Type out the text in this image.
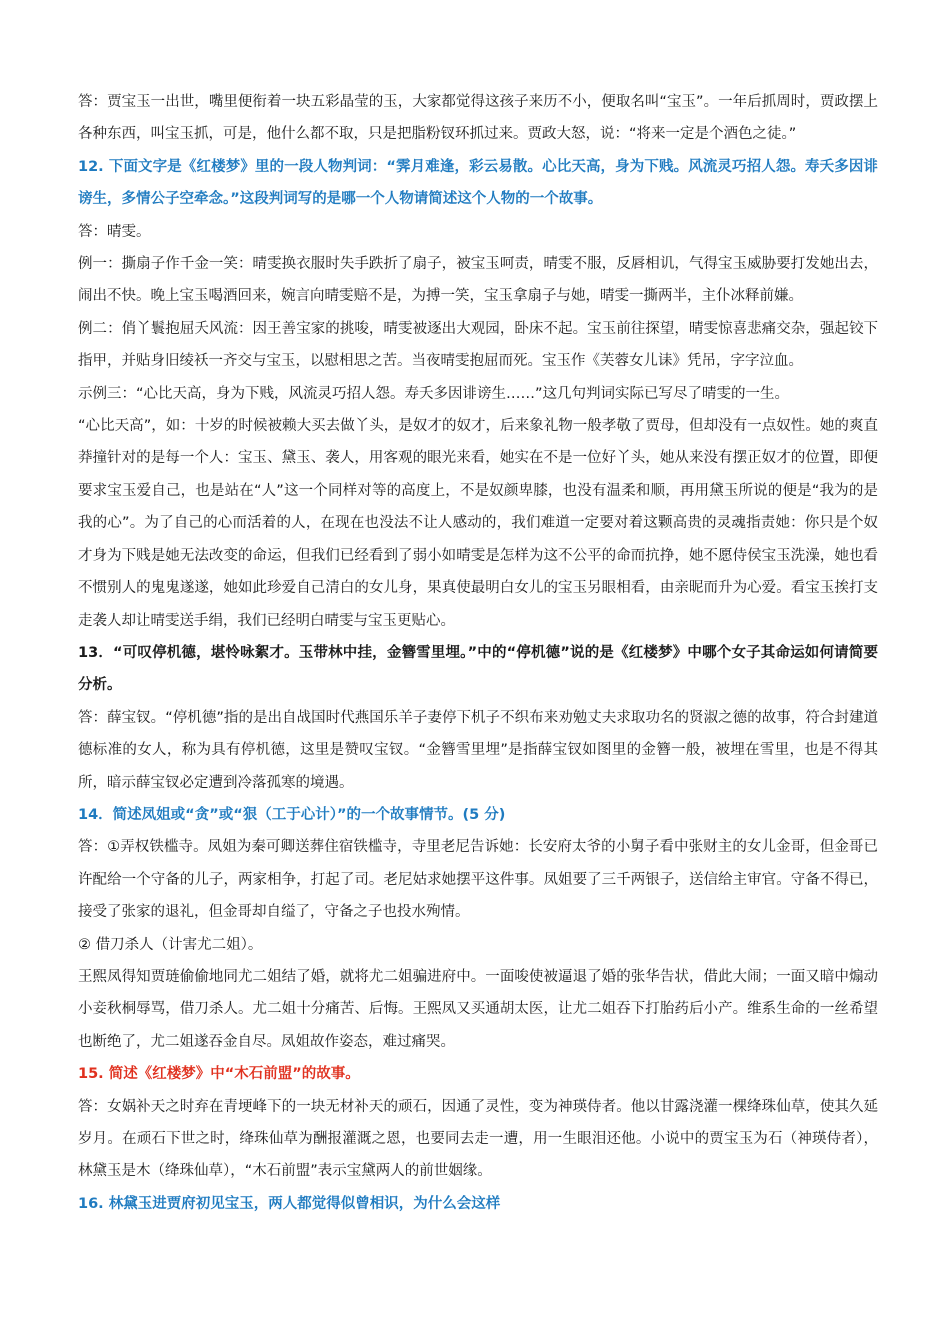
答：贾宝玉一出世，嘴里便衔着一块五彩晶莹的玉，大家都觉得这孩子来历不小，便取名叫“宝玉”。一年后抓周时，贾政摆上各种东西，叫宝玉抓，可是，他什么都不取，只是把脂粉钗环抓过来。贾政大怒，说：“将来一定是个酒色之徒。”

12. 下面文字是《红楼梦》里的一段人物判词：“霁月难逢，彩云易散。心比天高，身为下贱。风流灵巧招人怨。寿夭多因诽谤生，多情公子空牵念。”这段判词写的是哪一个人物请简述这个人物的一个故事。

答：晴雯。

例一：撕扇子作千金一笑：晴雯换衣服时失手跌折了扇子，被宝玉呵责，晴雯不服，反唇相讥，气得宝玉威胁要打发她出去，闹出不快。晚上宝玉喝酒回来，婉言向晴雯赔不是，为搏一笑，宝玉拿扇子与她，晴雯一撕两半，主仆冰释前嫌。

例二：俏丫鬟抱屈夭风流：因王善宝家的挑唆，晴雯被逐出大观园，卧床不起。宝玉前往探望，晴雯惊喜悲痛交杂，强起铰下指甲，并贴身旧绫袄一齐交与宝玉，以慰相思之苦。当夜晴雯抱屈而死。宝玉作《芙蓉女儿诔》凭吊，字字泣血。

示例三：“心比天高，身为下贱，风流灵巧招人怨。寿夭多因诽谤生……”这几句判词实际已写尽了晴雯的一生。

“心比天高”，如：十岁的时候被赖大买去做丫头，是奴才的奴才，后来象礼物一般孝敬了贾母，但却没有一点奴性。她的爽直莽撞针对的是每一个人：宝玉、黛玉、袭人，用客观的眼光来看，她实在不是一位好丫头，她从来没有摆正奴才的位置，即便要求宝玉爱自己，也是站在“人”这一个同样对等的高度上，不是奴颜卑膝，也没有温柔和顺，再用黛玉所说的便是“我为的是我的心”。为了自己的心而活着的人，在现在也没法不让人感动的，我们难道一定要对着这颗高贵的灵魂指责她：你只是个奴才身为下贱是她无法改变的命运，但我们已经看到了弱小如晴雯是怎样为这不公平的命而抗挣，她不愿侍侯宝玉洗澡，她也看不惯别人的鬼鬼遂遂，她如此珍爱自己清白的女儿身，果真使最明白女儿的宝玉另眼相看，由亲昵而升为心爱。看宝玉挨打支走袭人却让晴雯送手绢，我们已经明白晴雯与宝玉更贴心。

13．“可叹停机德，堪怜咏絮才。玉带林中挂，金簪雪里埋。”中的“停机德”说的是《红楼梦》中哪个女子其命运如何请简要分析。

答：薛宝钗。“停机德”指的是出自战国时代燕国乐羊子妻停下机子不织布来劝勉丈夫求取功名的贤淑之德的故事，符合封建道德标准的女人，称为具有停机德，这里是赞叹宝钗。“金簪雪里埋”是指薛宝钗如图里的金簪一般，被埋在雪里，也是不得其所，暗示薛宝钗必定遭到冷落孤寒的境遇。

14．简述凤姐或“贪”或“狠（工于心计）”的一个故事情节。(5 分)

答：①弄权铁槛寺。凤姐为秦可卿送葬住宿铁槛寺，寺里老尼告诉她：长安府太爷的小舅子看中张财主的女儿金哥，但金哥已许配给一个守备的儿子，两家相争，打起了司。老尼姑求她摆平这件事。凤姐要了三千两银子，送信给主审官。守备不得已，接受了张家的退礼，但金哥却自缢了，守备之子也投水殉情。

② 借刀杀人（计害尤二姐）。

王熙凤得知贾琏偷偷地同尤二姐结了婚，就将尤二姐骗进府中。一面唆使被逼退了婚的张华告状，借此大闹；一面又暗中煽动小妾秋桐辱骂，借刀杀人。尤二姐十分痛苦、后悔。王熙凤又买通胡太医，让尤二姐吞下打胎药后小产。维系生命的一丝希望也断绝了，尤二姐遂吞金自尽。凤姐故作姿态，难过痛哭。

15. 简述《红楼梦》中“木石前盟”的故事。

答：女娲补天之时弃在青埂峰下的一块无材补天的顽石，因通了灵性，变为神瑛侍者。他以甘露浇灌一棵绛珠仙草，使其久延岁月。在顽石下世之时，绛珠仙草为酬报灌溉之恩，也要同去走一遭，用一生眼泪还他。小说中的贾宝玉为石（神瑛侍者），林黛玉是木（绛珠仙草），“木石前盟”表示宝黛两人的前世姻缘。

16. 林黛玉进贾府初见宝玉，两人都觉得似曾相识，为什么会这样
